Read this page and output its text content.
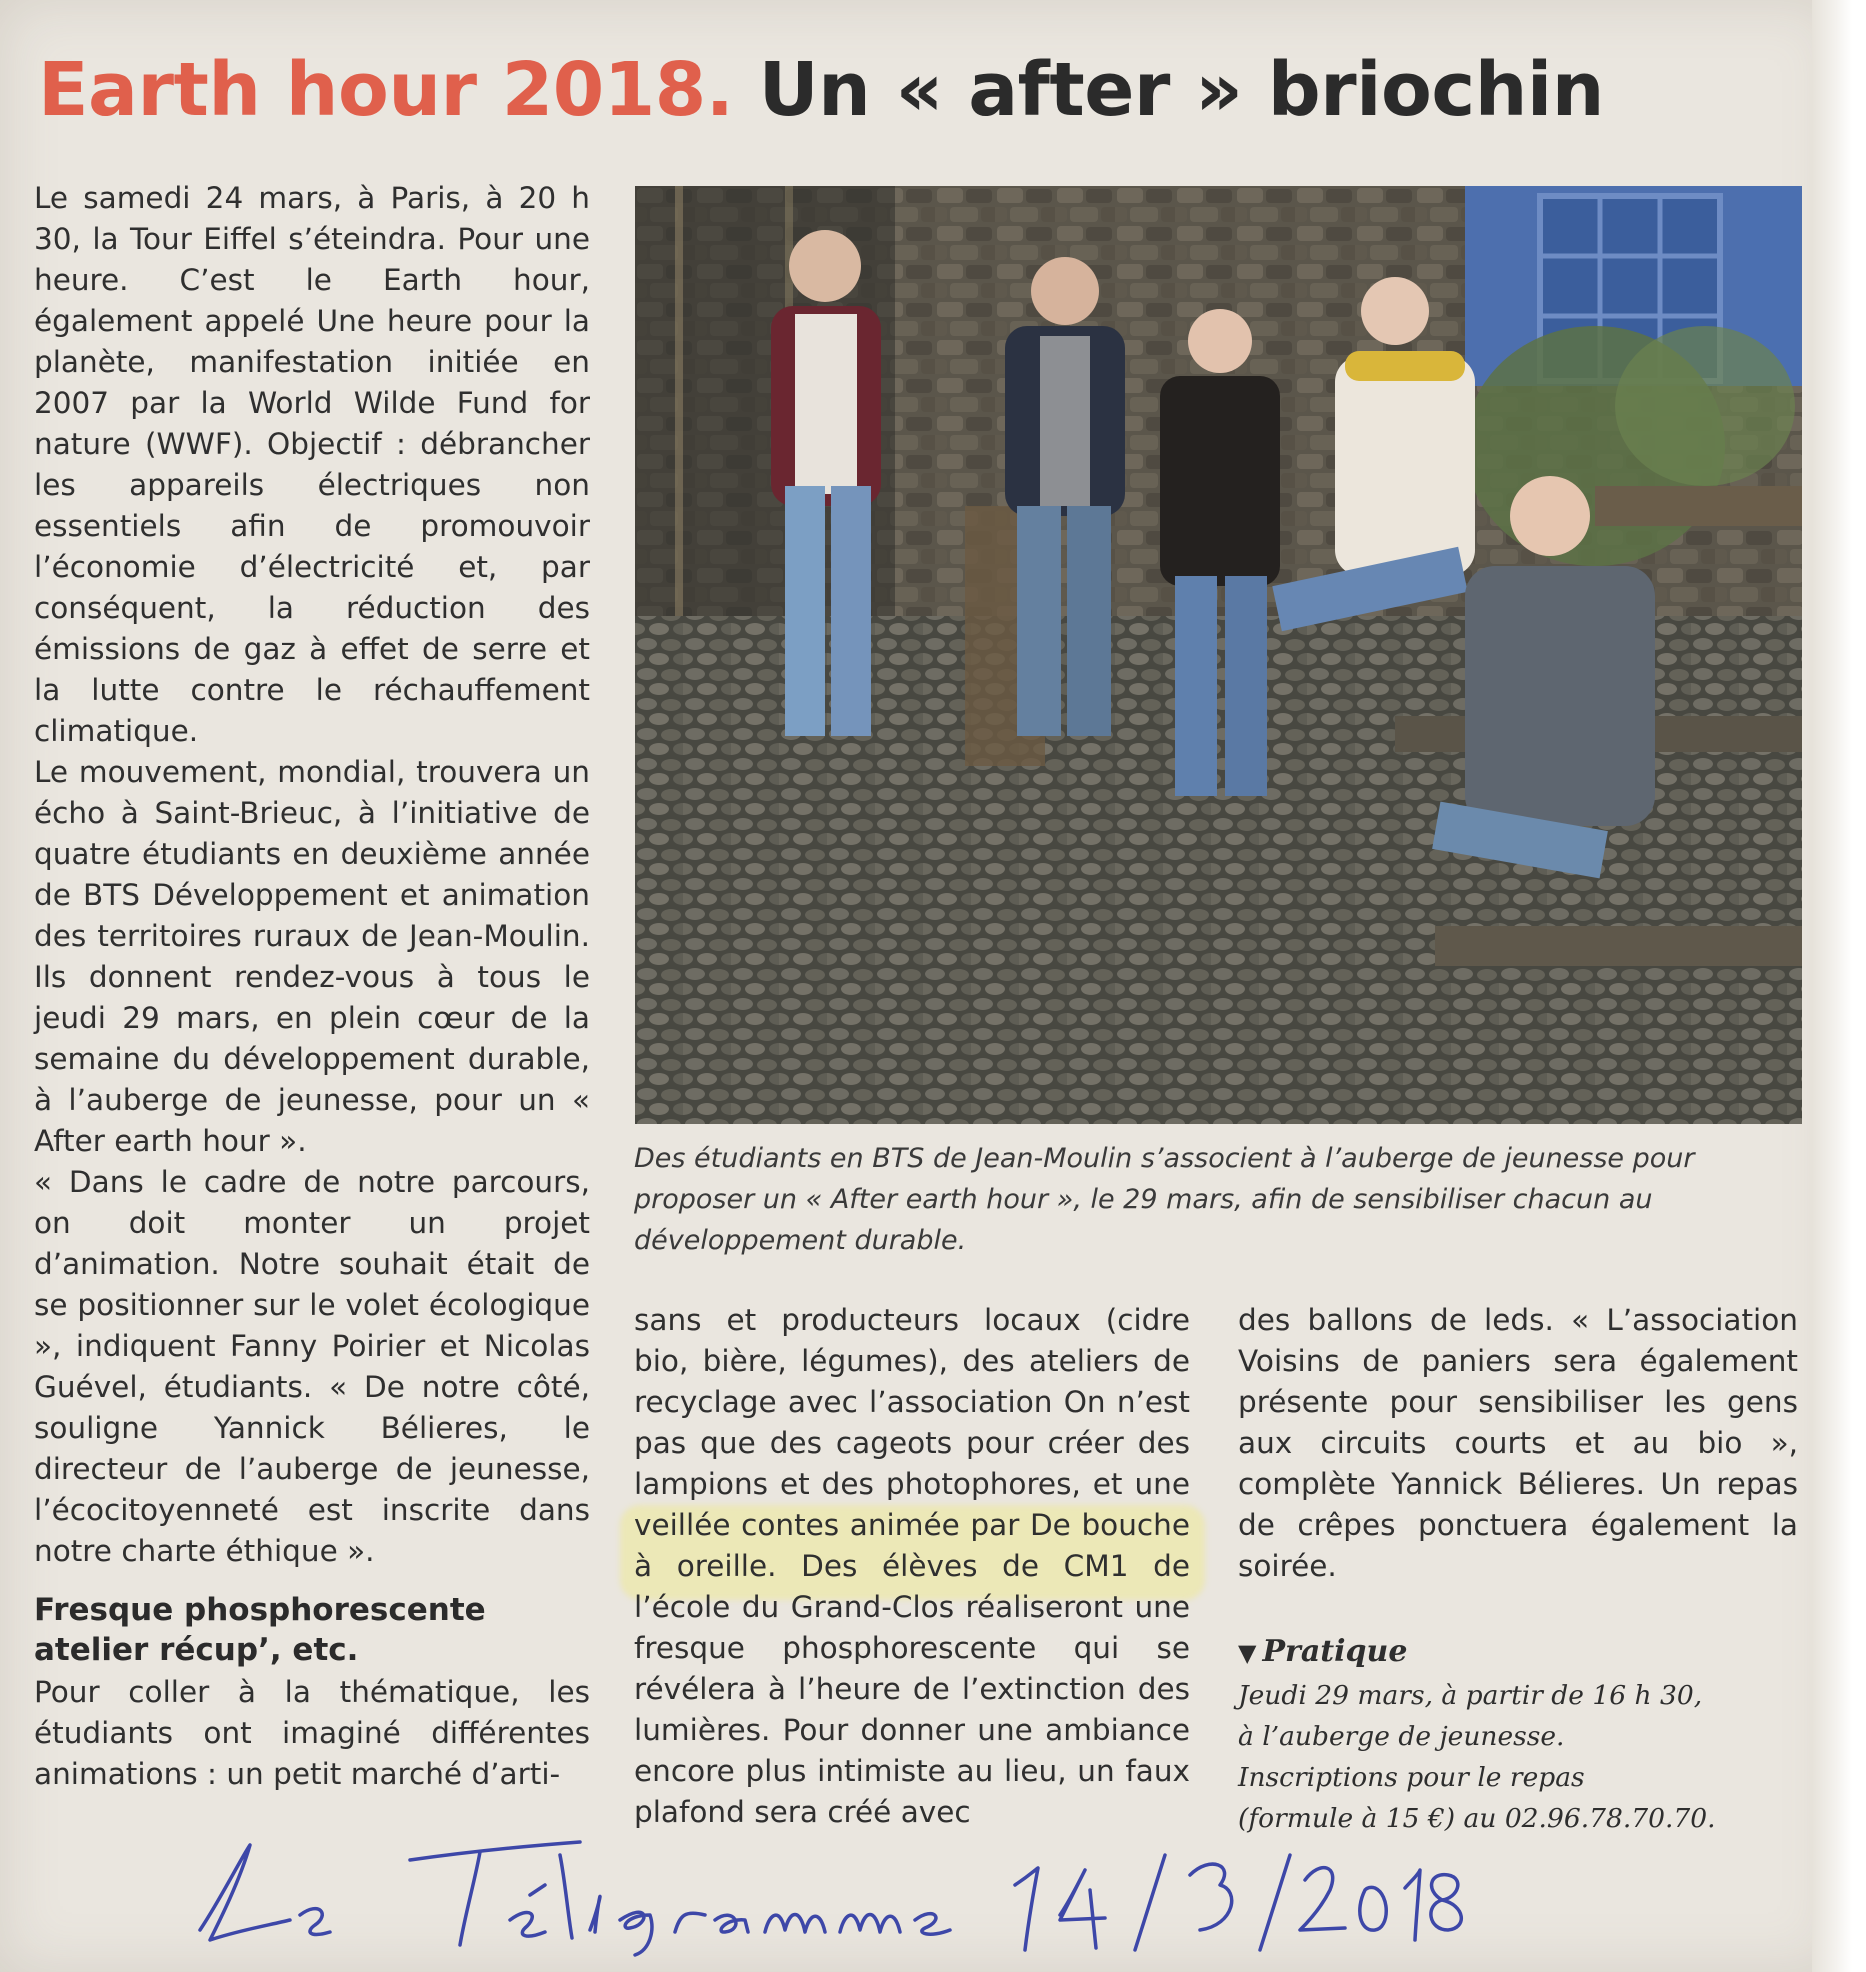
Earth hour 2018. Un « after » briochin

Le samedi 24 mars, à Paris, à 20 h 30, la Tour Eiffel s’éteindra. Pour une heure. C’est le Earth hour, également appelé Une heure pour la planète, manifestation initiée en 2007 par la World Wilde Fund for nature (WWF). Objectif : débrancher les appareils électriques non essentiels afin de promouvoir l’économie d’électricité et, par conséquent, la réduction des émissions de gaz à effet de serre et la lutte contre le réchauffement climatique.

Le mouvement, mondial, trouvera un écho à Saint-Brieuc, à l’initiative de quatre étudiants en deuxième année de BTS Développement et animation des territoires ruraux de Jean-Moulin. Ils donnent rendez-vous à tous le jeudi 29 mars, en plein cœur de la semaine du développement durable, à l’auberge de jeunesse, pour un « After earth hour ».

« Dans le cadre de notre parcours, on doit monter un projet d’animation. Notre souhait était de se positionner sur le volet écologique », indiquent Fanny Poirier et Nicolas Guével, étudiants. « De notre côté, souligne Yannick Bélieres, le directeur de l’auberge de jeunesse, l’écocitoyenneté est inscrite dans notre charte éthique ».

Fresque phosphorescente atelier récup’, etc.

Pour coller à la thématique, les étudiants ont imaginé différentes animations : un petit marché d’arti-

Des étudiants en BTS de Jean-Moulin s’associent à l’auberge de jeunesse pour proposer un « After earth hour », le 29 mars, afin de sensibiliser chacun au développement durable.

sans et producteurs locaux (cidre bio, bière, légumes), des ateliers de recyclage avec l’association On n’est pas que des cageots pour créer des lampions et des photophores, et une veillée contes animée par De bouche à oreille. Des élèves de CM1 de l’école du Grand-Clos réaliseront une fresque phosphorescente qui se révélera à l’heure de l’extinction des lumières. Pour donner une ambiance encore plus intimiste au lieu, un faux plafond sera créé avec

des ballons de leds. « L’association Voisins de paniers sera également présente pour sensibiliser les gens aux circuits courts et au bio », complète Yannick Bélieres. Un repas de crêpes ponctuera également la soirée.

▼ Pratique
Jeudi 29 mars, à partir de 16 h 30,
à l’auberge de jeunesse.
Inscriptions pour le repas
(formule à 15 €) au 02.96.78.70.70.
